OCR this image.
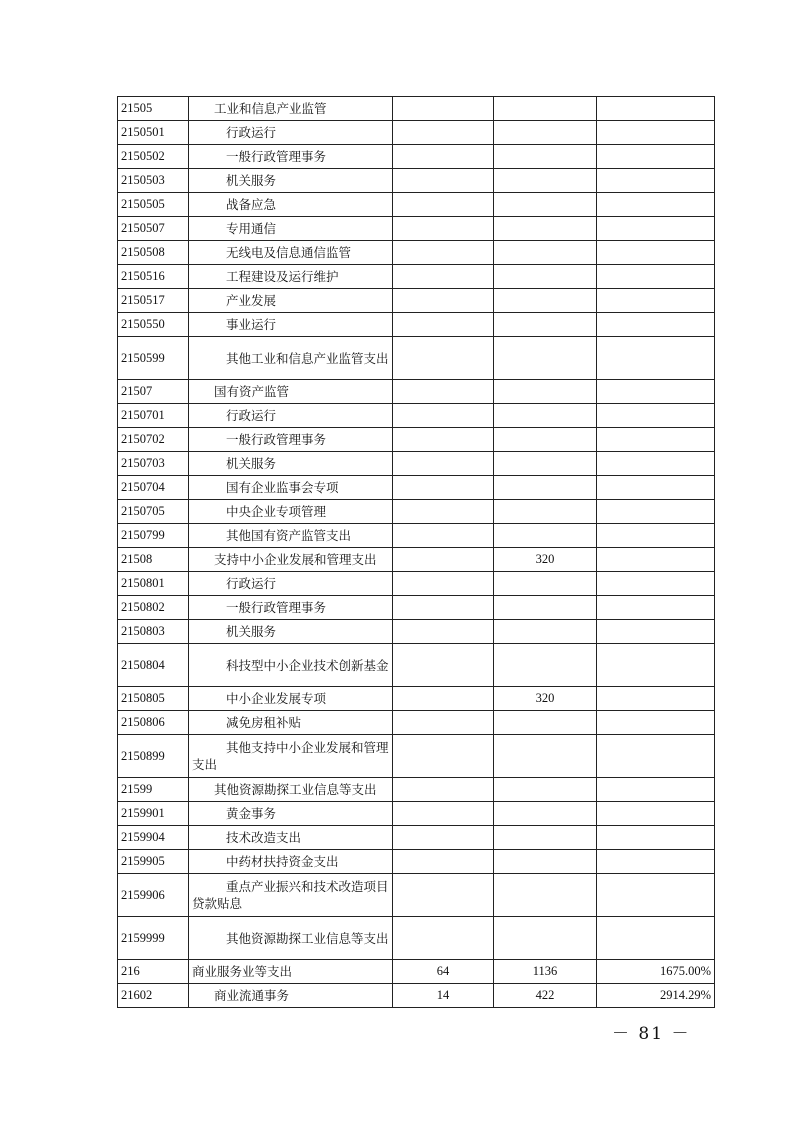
21505	工业和信息产业监管			
2150501	行政运行			
2150502	一般行政管理事务			
2150503	机关服务			
2150505	战备应急			
2150507	专用通信			
2150508	无线电及信息通信监管			
2150516	工程建设及运行维护			
2150517	产业发展			
2150550	事业运行			
2150599	其他工业和信息产业监管支出			
21507	国有资产监管			
2150701	行政运行			
2150702	一般行政管理事务			
2150703	机关服务			
2150704	国有企业监事会专项			
2150705	中央企业专项管理			
2150799	其他国有资产监管支出			
21508	支持中小企业发展和管理支出		320	
2150801	行政运行			
2150802	一般行政管理事务			
2150803	机关服务			
2150804	科技型中小企业技术创新基金			
2150805	中小企业发展专项		320	
2150806	减免房租补贴			
2150899	其他支持中小企业发展和管理支出			
21599	其他资源勘探工业信息等支出			
2159901	黄金事务			
2159904	技术改造支出			
2159905	中药材扶持资金支出			
2159906	重点产业振兴和技术改造项目贷款贴息			
2159999	其他资源勘探工业信息等支出			
216	商业服务业等支出	64	1136	1675.00%
21602	商业流通事务	14	422	2914.29%
－ 81 －
